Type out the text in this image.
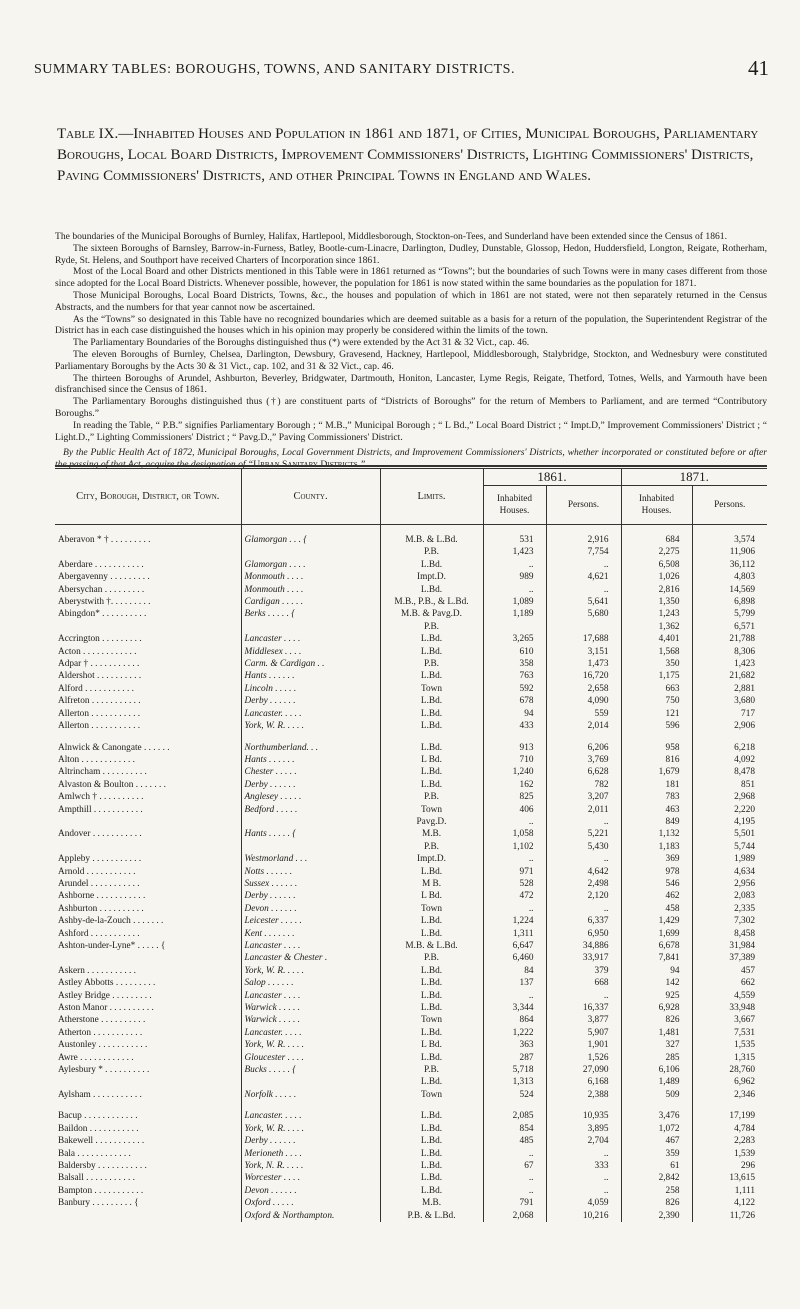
SUMMARY TABLES: BOROUGHS, TOWNS, AND SANITARY DISTRICTS.	41
Table IX.—Inhabited Houses and Population in 1861 and 1871, of Cities, Municipal Boroughs, Parliamentary Boroughs, Local Board Districts, Improvement Commissioners' Districts, Lighting Commissioners' Districts, Paving Commissioners' Districts, and other Principal Towns in England and Wales.

The boundaries of the Municipal Boroughs of Burnley, Halifax, Hartlepool, Middlesborough, Stockton-on-Tees, and Sunderland have been extended since the Census of 1861.

The sixteen Boroughs of Barnsley, Barrow-in-Furness, Batley, Bootle-cum-Linacre, Darlington, Dudley, Dunstable, Glossop, Hedon, Huddersfield, Longton, Reigate, Rotherham, Ryde, St. Helens, and Southport have received Charters of Incorporation since 1861.

Most of the Local Board and other Districts mentioned in this Table were in 1861 returned as “Towns”; but the boundaries of such Towns were in many cases different from those since adopted for the Local Board Districts. Whenever possible, however, the population for 1861 is now stated within the same boundaries as the population for 1871.

Those Municipal Boroughs, Local Board Districts, Towns, &c., the houses and population of which in 1861 are not stated, were not then separately returned in the Census Abstracts, and the numbers for that year cannot now be ascertained.

As the “Towns” so designated in this Table have no recognized boundaries which are deemed suitable as a basis for a return of the population, the Superintendent Registrar of the District has in each case distinguished the houses which in his opinion may properly be considered within the limits of the town.

The Parliamentary Boundaries of the Boroughs distinguished thus (*) were extended by the Act 31 & 32 Vict., cap. 46.

The eleven Boroughs of Burnley, Chelsea, Darlington, Dewsbury, Gravesend, Hackney, Hartlepool, Middlesborough, Stalybridge, Stockton, and Wednesbury were constituted Parliamentary Boroughs by the Acts 30 & 31 Vict., cap. 102, and 31 & 32 Vict., cap. 46.

The thirteen Boroughs of Arundel, Ashburton, Beverley, Bridgwater, Dartmouth, Honiton, Lancaster, Lyme Regis, Reigate, Thetford, Totnes, Wells, and Yarmouth have been disfranchised since the Census of 1861.

The Parliamentary Boroughs distinguished thus (†) are constituent parts of “Districts of Boroughs” for the return of Members to Parliament, and are termed “Contributory Boroughs.”

In reading the Table, “ P.B.” signifies Parliamentary Borough ; “ M.B.,” Municipal Borough ; “ L Bd.,” Local Board District ; “ Impt.D,” Improvement Commissioners' District ; “ Light.D.,” Lighting Commissioners' District ; “ Pavg.D.,” Paving Commissioners' District.

By the Public Health Act of 1872, Municipal Boroughs, Local Government Districts, and Improvement Commissioners' Districts, whether incorporated or constituted before or after the passing of that Act, acquire the designation of “Urban Sanitary Districts.”

City, Borough, District, or Town.	County.	Limits.	1861.		1871.	
			Inhabited Houses.	Persons.	Inhabited Houses.	Persons.

Aberavon * † . . . . . . . . .	Glamorgan . . . {	M.B. & L.Bd.	531	2,916	684	3,574
		P.B.	1,423	7,754	2,275	11,906
Aberdare . . . . . . . . . . .	Glamorgan . . . .	L.Bd.	..	..	6,508	36,112
Abergavenny . . . . . . . . .	Monmouth . . . .	Impt.D.	989	4,621	1,026	4,803
Abersychan . . . . . . . . .	Monmouth . . . .	L.Bd.	..	..	2,816	14,569
Aberystwith †. . . . . . . . .	Cardigan . . . . .	M.B., P.B., & L.Bd.	1,089	5,641	1,350	6,898
Abingdon* . . . . . . . . . .	Berks . . . . . {	M.B. & Pavg.D.	1,189	5,680	1,243	5,799
		P.B.			1,362	6,571
Accrington . . . . . . . . .	Lancaster . . . .	L.Bd.	3,265	17,688	4,401	21,788
Acton . . . . . . . . . . . .	Middlesex . . . .	L.Bd.	610	3,151	1,568	8,306
Adpar † . . . . . . . . . . .	Carm. & Cardigan . .	P.B.	358	1,473	350	1,423
Aldershot . . . . . . . . . .	Hants . . . . . .	L.Bd.	763	16,720	1,175	21,682
Alford . . . . . . . . . . .	Lincoln . . . . .	Town	592	2,658	663	2,881
Alfreton . . . . . . . . . . .	Derby . . . . . .	L.Bd.	678	4,090	750	3,680
Allerton . . . . . . . . . . .	Lancaster. . . . .	L.Bd.	94	559	121	717
Allerton . . . . . . . . . . .	York, W. R. . . . .	L.Bd.	433	2,014	596	2,906

Alnwick & Canongate . . . . . .	Northumberland. . .	L.Bd.	913	6,206	958	6,218
Alton . . . . . . . . . . . .	Hants . . . . . .	L Bd.	710	3,769	816	4,092
Altrincham . . . . . . . . . .	Chester . . . . .	L.Bd.	1,240	6,628	1,679	8,478
Alvaston & Boulton . . . . . . .	Derby . . . . . .	L.Bd.	162	782	181	851
Amlwch † . . . . . . . . . .	Anglesey . . . . .	P.B.	825	3,207	783	2,968
Ampthill . . . . . . . . . . .	Bedford . . . . .	Town	406	2,011	463	2,220
		Pavg.D.	..	..	849	4,195
Andover . . . . . . . . . . .	Hants . . . . . {	M.B.	1,058	5,221	1,132	5,501
		P.B.	1,102	5,430	1,183	5,744
Appleby . . . . . . . . . . .	Westmorland . . .	Impt.D.	..	..	369	1,989
Arnold . . . . . . . . . . .	Notts . . . . . .	L.Bd.	971	4,642	978	4,634
Arundel . . . . . . . . . . .	Sussex . . . . . .	M B.	528	2,498	546	2,956
Ashborne . . . . . . . . . . .	Derby . . . . . .	L Bd.	472	2,120	462	2,083
Ashburton . . . . . . . . . .	Devon . . . . . .	Town	..	..	458	2,335
Ashby-de-la-Zouch . . . . . . .	Leicester . . . . .	L.Bd.	1,224	6,337	1,429	7,302
Ashford . . . . . . . . . . .	Kent . . . . . . .	L.Bd.	1,311	6,950	1,699	8,458
Ashton-under-Lyne* . . . . . {	Lancaster . . . .	M.B. & L.Bd.	6,647	34,886	6,678	31,984
	Lancaster & Chester .	P.B.	6,460	33,917	7,841	37,389
Askern . . . . . . . . . . .	York, W. R. . . . .	L.Bd.	84	379	94	457
Astley Abbotts . . . . . . . . .	Salop . . . . . .	L.Bd.	137	668	142	662
Astley Bridge . . . . . . . . .	Lancaster . . . .	L.Bd.	..	..	925	4,559
Aston Manor . . . . . . . . . .	Warwick . . . . .	L.Bd.	3,344	16,337	6,928	33,948
Atherstone . . . . . . . . . .	Warwick . . . . .	Town	864	3,877	826	3,667
Atherton . . . . . . . . . . .	Lancaster. . . . .	L.Bd.	1,222	5,907	1,481	7,531
Austonley . . . . . . . . . . .	York, W. R. . . . .	L Bd.	363	1,901	327	1,535
Awre . . . . . . . . . . . .	Gloucester . . . .	L.Bd.	287	1,526	285	1,315
Aylesbury * . . . . . . . . . .	Bucks . . . . . {	P.B.	5,718	27,090	6,106	28,760
		L.Bd.	1,313	6,168	1,489	6,962
Aylsham . . . . . . . . . . .	Norfolk . . . . .	Town	524	2,388	509	2,346

Bacup . . . . . . . . . . . .	Lancaster. . . . .	L.Bd.	2,085	10,935	3,476	17,199
Baildon . . . . . . . . . . .	York, W. R. . . . .	L.Bd.	854	3,895	1,072	4,784
Bakewell . . . . . . . . . . .	Derby . . . . . .	L.Bd.	485	2,704	467	2,283
Bala . . . . . . . . . . . .	Merioneth . . . .	L.Bd.	..	..	359	1,539
Baldersby . . . . . . . . . . .	York, N. R. . . . .	L.Bd.	67	333	61	296
Balsall . . . . . . . . . . .	Worcester . . . .	L.Bd.	..	..	2,842	13,615
Bampton . . . . . . . . . . .	Devon . . . . . .	L.Bd.	..	..	258	1,111
Banbury . . . . . . . . . {	Oxford . . . . .	M.B.	791	4,059	826	4,122
	Oxford & Northampton.	P.B. & L.Bd.	2,068	10,216	2,390	11,726
